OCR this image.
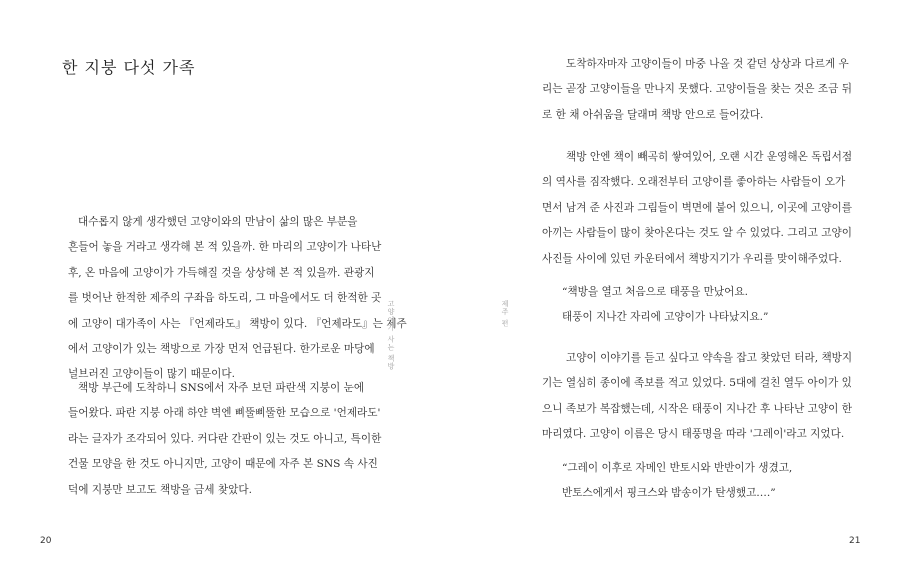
한 지붕 다섯 가족
대수롭지 않게 생각했던 고양이와의 만남이 삶의 많은 부분을
흔들어 놓을 거라고 생각해 본 적 있을까. 한 마리의 고양이가 나타난
후, 온 마음에 고양이가 가득해질 것을 상상해 본 적 있을까. 관광지
를 벗어난 한적한 제주의 구좌읍 하도리, 그 마을에서도 더 한적한 곳
에 고양이 대가족이 사는 『언제라도』 책방이 있다. 『언제라도』는 제주
에서 고양이가 있는 책방으로 가장 먼저 언급된다. 한가로운 마당에
널브러진 고양이들이 많기 때문이다.
책방 부근에 도착하니 SNS에서 자주 보던 파란색 지붕이 눈에
들어왔다. 파란 지붕 아래 하얀 벽엔 삐뚤삐뚤한 모습으로 '언제라도'
라는 글자가 조각되어 있다. 커다란 간판이 있는 것도 아니고, 특이한
건물 모양을 한 것도 아니지만, 고양이 때문에 자주 본 SNS 속 사진
덕에 지붕만 보고도 책방을 금세 찾았다.
고양이가 사는 책방
20
제주 편
도착하자마자 고양이들이 마중 나올 것 같던 상상과 다르게 우
리는 곧장 고양이들을 만나지 못했다. 고양이들을 찾는 것은 조금 뒤
로 한 채 아쉬움을 달래며 책방 안으로 들어갔다.
책방 안엔 책이 빼곡히 쌓여있어, 오랜 시간 운영해온 독립서점
의 역사를 짐작했다. 오래전부터 고양이를 좋아하는 사람들이 오가
면서 남겨 준 사진과 그림들이 벽면에 붙어 있으니, 이곳에 고양이를
아끼는 사람들이 많이 찾아온다는 것도 알 수 있었다. 그리고 고양이
사진들 사이에 있던 카운터에서 책방지기가 우리를 맞이해주었다.
“책방을 열고 처음으로 태풍을 만났어요.
태풍이 지나간 자리에 고양이가 나타났지요.”
고양이 이야기를 듣고 싶다고 약속을 잡고 찾았던 터라, 책방지
기는 열심히 종이에 족보를 적고 있었다. 5대에 걸친 열두 아이가 있
으니 족보가 복잡했는데, 시작은 태풍이 지나간 후 나타난 고양이 한
마리였다. 고양이 이름은 당시 태풍명을 따라 '그레이'라고 지었다.
“그레이 이후로 자메인 반토시와 반반이가 생겼고,
반토스에게서 핑크스와 밤송이가 탄생했고….”
21
